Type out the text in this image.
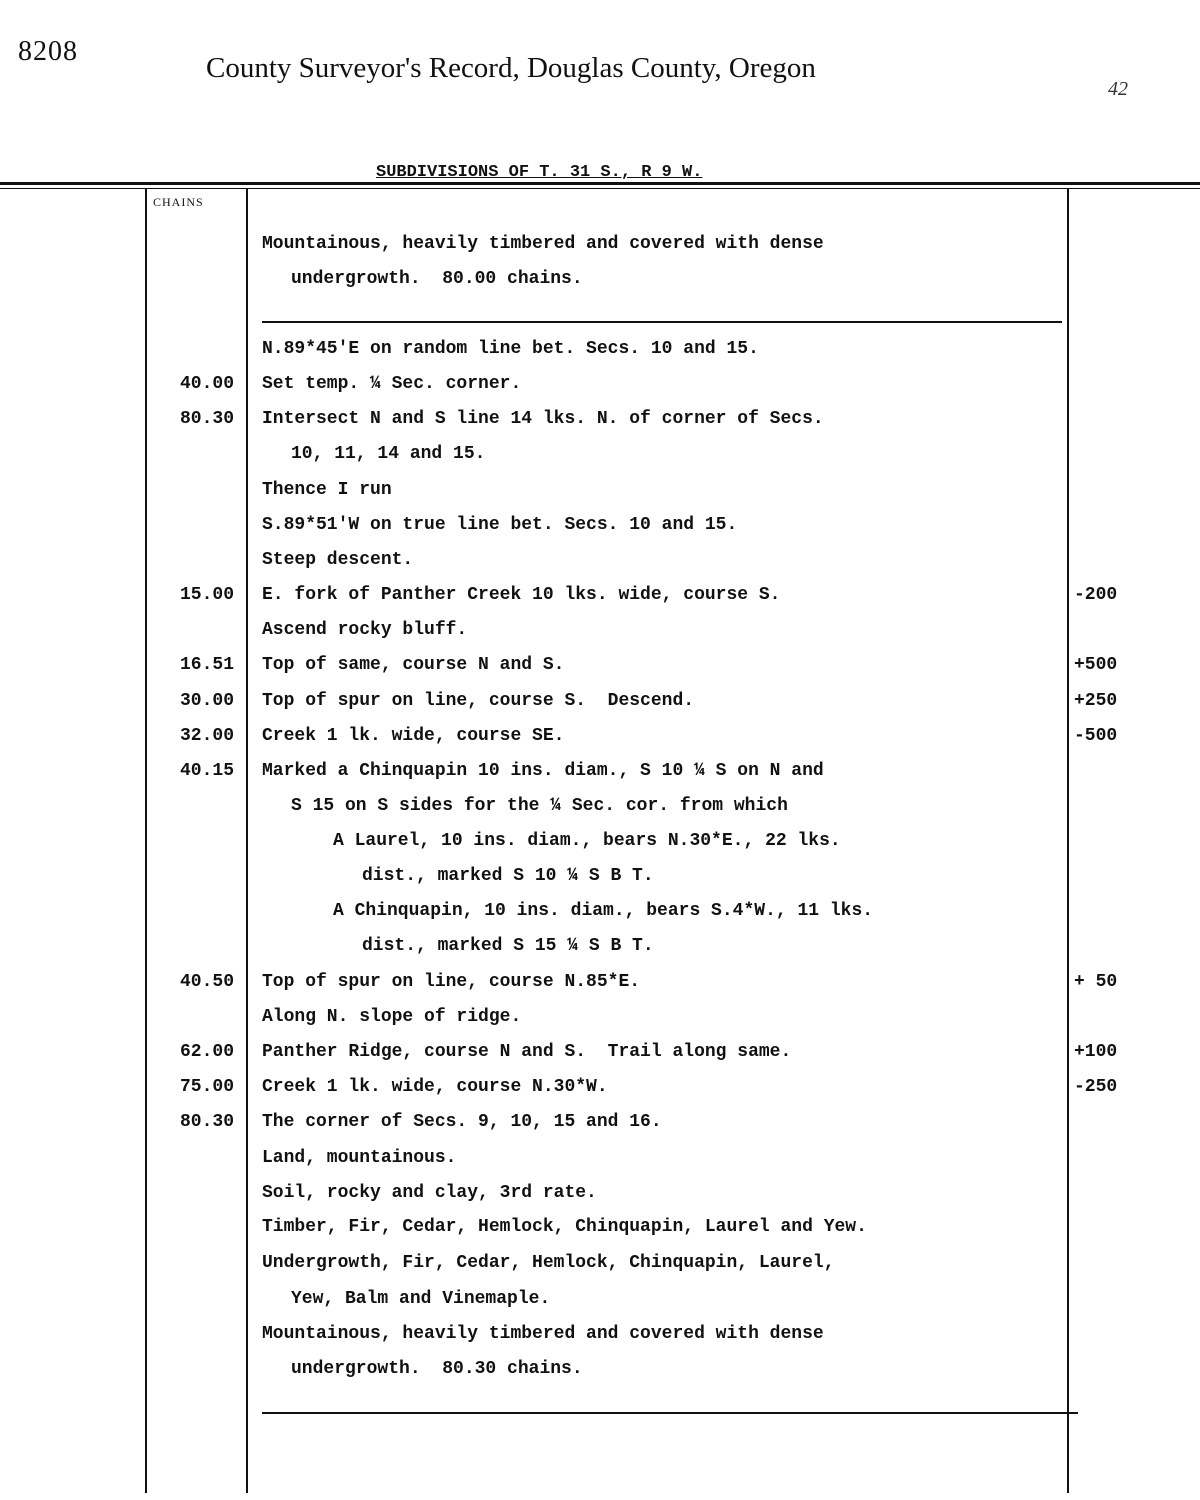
8208
County Surveyor's Record, Douglas County, Oregon
42
SUBDIVISIONS OF T. 31 S., R 9 W.
CHAINS
Mountainous, heavily timbered and covered with dense
undergrowth.  80.00 chains.
N.89*45'E on random line bet. Secs. 10 and 15.
40.00 Set temp. ¼ Sec. corner.
80.30 Intersect N and S line 14 lks. N. of corner of Secs.
10, 11, 14 and 15.
Thence I run
S.89*51'W on true line bet. Secs. 10 and 15.
Steep descent.
15.00 E. fork of Panther Creek 10 lks. wide, course S.	-200
Ascend rocky bluff.
16.51 Top of same, course N and S.	+500
30.00 Top of spur on line, course S.  Descend.	+250
32.00 Creek 1 lk. wide, course SE.	-500
40.15 Marked a Chinquapin 10 ins. diam., S 10 ¼ S on N and
S 15 on S sides for the ¼ Sec. cor. from which
A Laurel, 10 ins. diam., bears N.30*E., 22 lks.
dist., marked S 10 ¼ S B T.
A Chinquapin, 10 ins. diam., bears S.4*W., 11 lks.
dist., marked S 15 ¼ S B T.
40.50 Top of spur on line, course N.85*E.	+ 50
Along N. slope of ridge.
62.00 Panther Ridge, course N and S.  Trail along same.	+100
75.00 Creek 1 lk. wide, course N.30*W.	-250
80.30 The corner of Secs. 9, 10, 15 and 16.
Land, mountainous.
Soil, rocky and clay, 3rd rate.
Timber, Fir, Cedar, Hemlock, Chinquapin, Laurel and Yew.
Undergrowth, Fir, Cedar, Hemlock, Chinquapin, Laurel,
Yew, Balm and Vinemaple.
Mountainous, heavily timbered and covered with dense
undergrowth.  80.30 chains.
